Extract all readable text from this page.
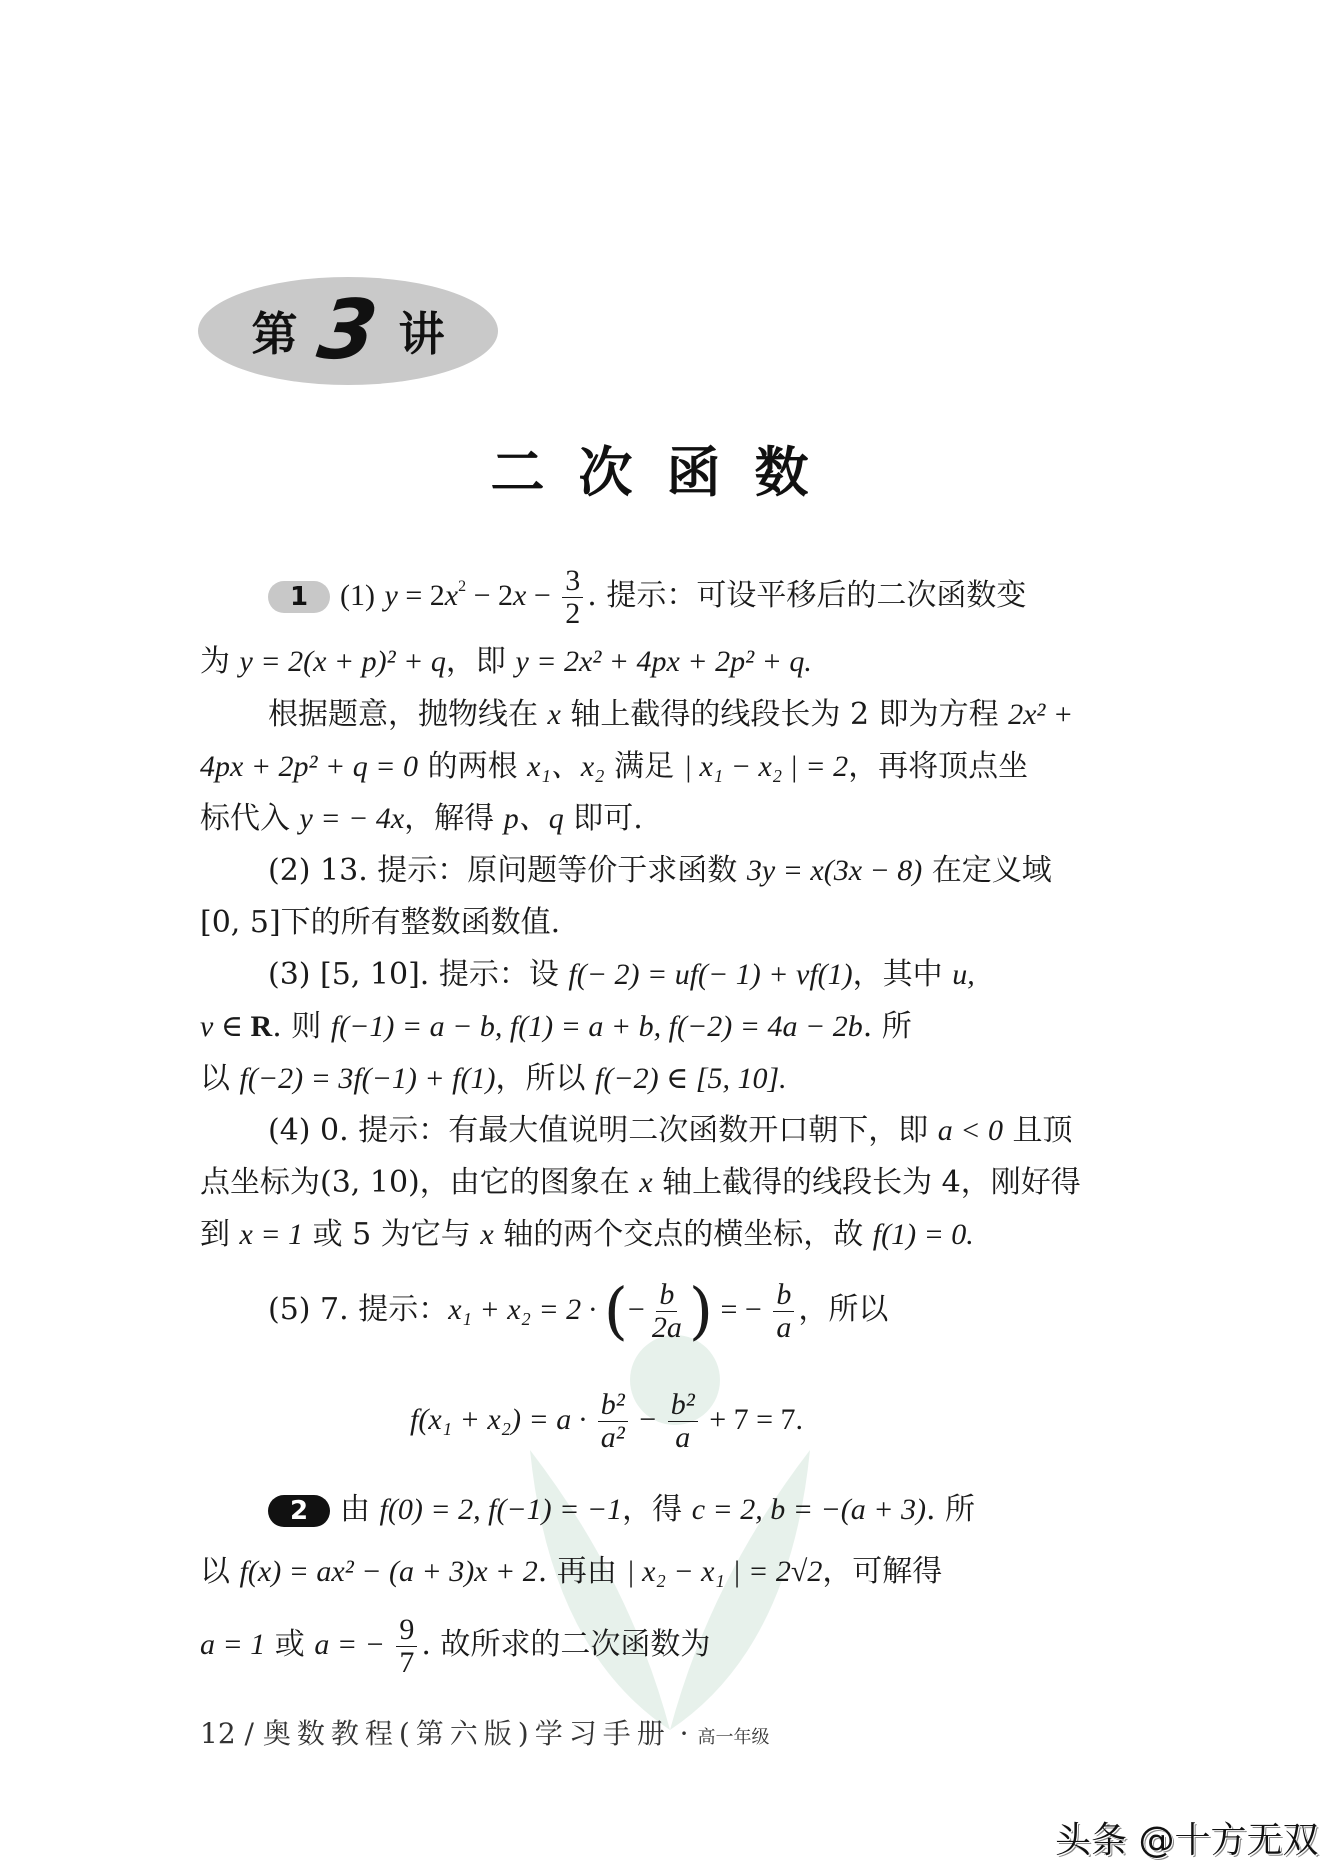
第 3 讲
二次函数
1 (1) $y = 2x^2 - 2x - \frac{3}{2}$ . 提示：可设平移后的二次函数变
为 y = 2(x + p)² + q，即 y = 2x² + 4px + 2p² + q.
根据题意，抛物线在 x 轴上截得的线段长为 2 即为方程 2x² +
4px + 2p² + q = 0 的两根 x₁、x₂ 满足 | x₁ − x₂ | = 2，再将顶点坐
标代入 y = − 4x，解得 p、q 即可.
(2) 13. 提示：原问题等价于求函数 3y = x(3x − 8) 在定义域
[0, 5]下的所有整数函数值.
(3) [5, 10]. 提示：设 f(− 2) = uf(− 1) + vf(1)，其中 u,
v ∈ R. 则 f(−1) = a − b, f(1) = a + b, f(−2) = 4a − 2b. 所
以 f(−2) = 3f(−1) + f(1)，所以 f(−2) ∈ [5, 10].
(4) 0. 提示：有最大值说明二次函数开口朝下，即 a < 0 且顶
点坐标为(3, 10)，由它的图象在 x 轴上截得的线段长为 4，刚好得
到 x = 1 或 5 为它与 x 轴的两个交点的横坐标，故 f(1) = 0.
(5) 7. 提示：x₁ + x₂ = 2 · (− $\frac{b}{2a}$ ) = − $\frac{b}{a}$ ，所以
$f(x_1 + x_2) = a \cdot \frac{\text{b²}}{\text{a²}} - \frac{\text{b²}}{a} + 7 = 7$.
2 由 f(0) = 2, f(−1) = −1，得 c = 2, b = −(a + 3). 所
以 f(x) = ax² − (a + 3)x + 2. 再由 | x₂ − x₁ | = 2√2，可解得
a = 1 或 a = − $\frac{9}{7}$ . 故所求的二次函数为
12 / 奥数教程(第六版)学习手册 · 高一年级
头条 @十方无双
